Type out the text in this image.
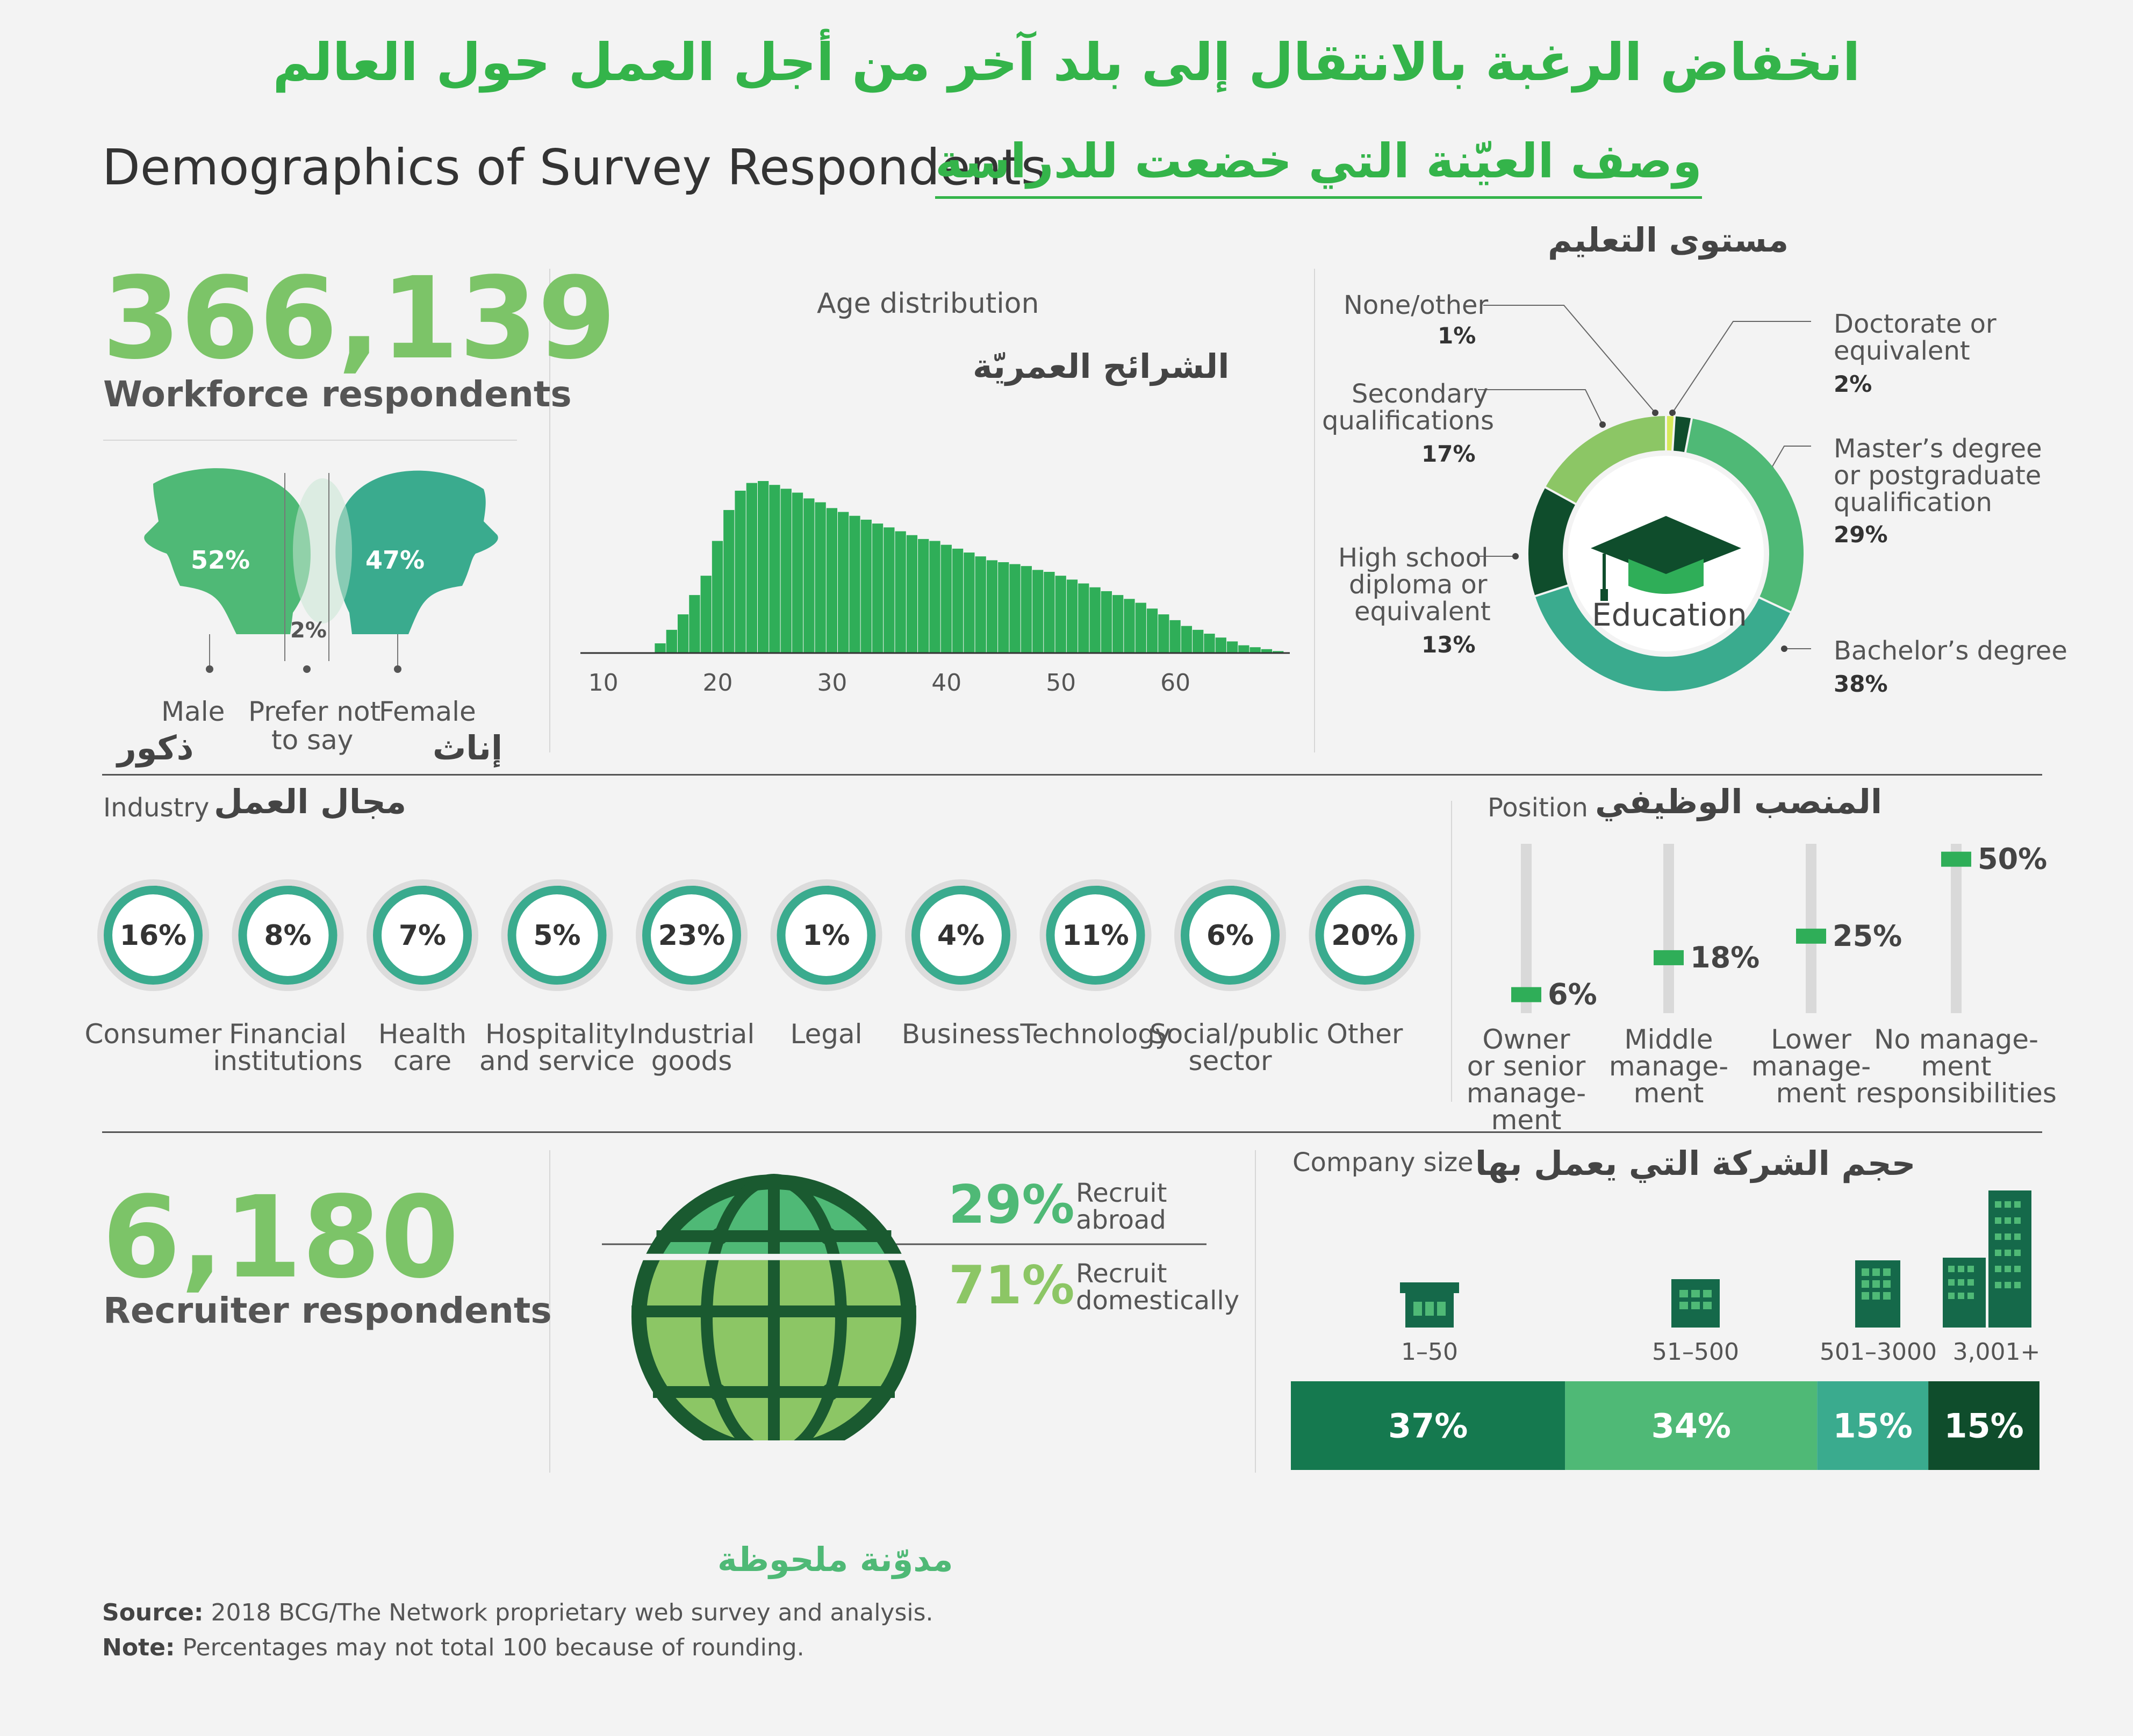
انخفاض الرغبة بالانتقال إلى بلد آخر من أجل العمل حول العالم
Demographics of Survey Respondents
وصف العيّنة التي خضعت للدراسة
366,139
Workforce respondents
52%	47%
2%
Male Prefer not
to say
Female
ذكور	إناث
Age distribution
الشرائح العمريّة
10	20	30	40	50	60
مستوى التعليم
Education
None/other
1%
Secondary
qualifications
17%
High school
diploma or
equivalent
13%
Doctorate or
equivalent
2%
Master’s degree
or postgraduate
qualification
29%
Bachelor’s degree
38%
Industry مجال العمل
16%	8%	7%	5%	23%	1%	4%	11%	6%	20%
Position المنصب الوظيفي
6%
18%
25%
50%
6,180
Recruiter respondents
29% Recruit
abroad
71% Recruit
domestically
Company size حجم الشركة التي يعمل بها
37%	34%	15% 15%
1–50	51–500	501–3000 3,001+
مدوّنة ملحوظة
Source: 2018 BCG/The Network proprietary web survey and analysis.
Note: Percentages may not total 100 because of rounding.
Consumer Financial
institutions
Health
care
Hospitality
and service
Industrial
goods
Legal	Business Technology
Social/public
sector
Other	Owner
or senior
manage-
ment
Middle
manage-
ment
Lower
manage-
ment
No manage-
ment
responsibilities
